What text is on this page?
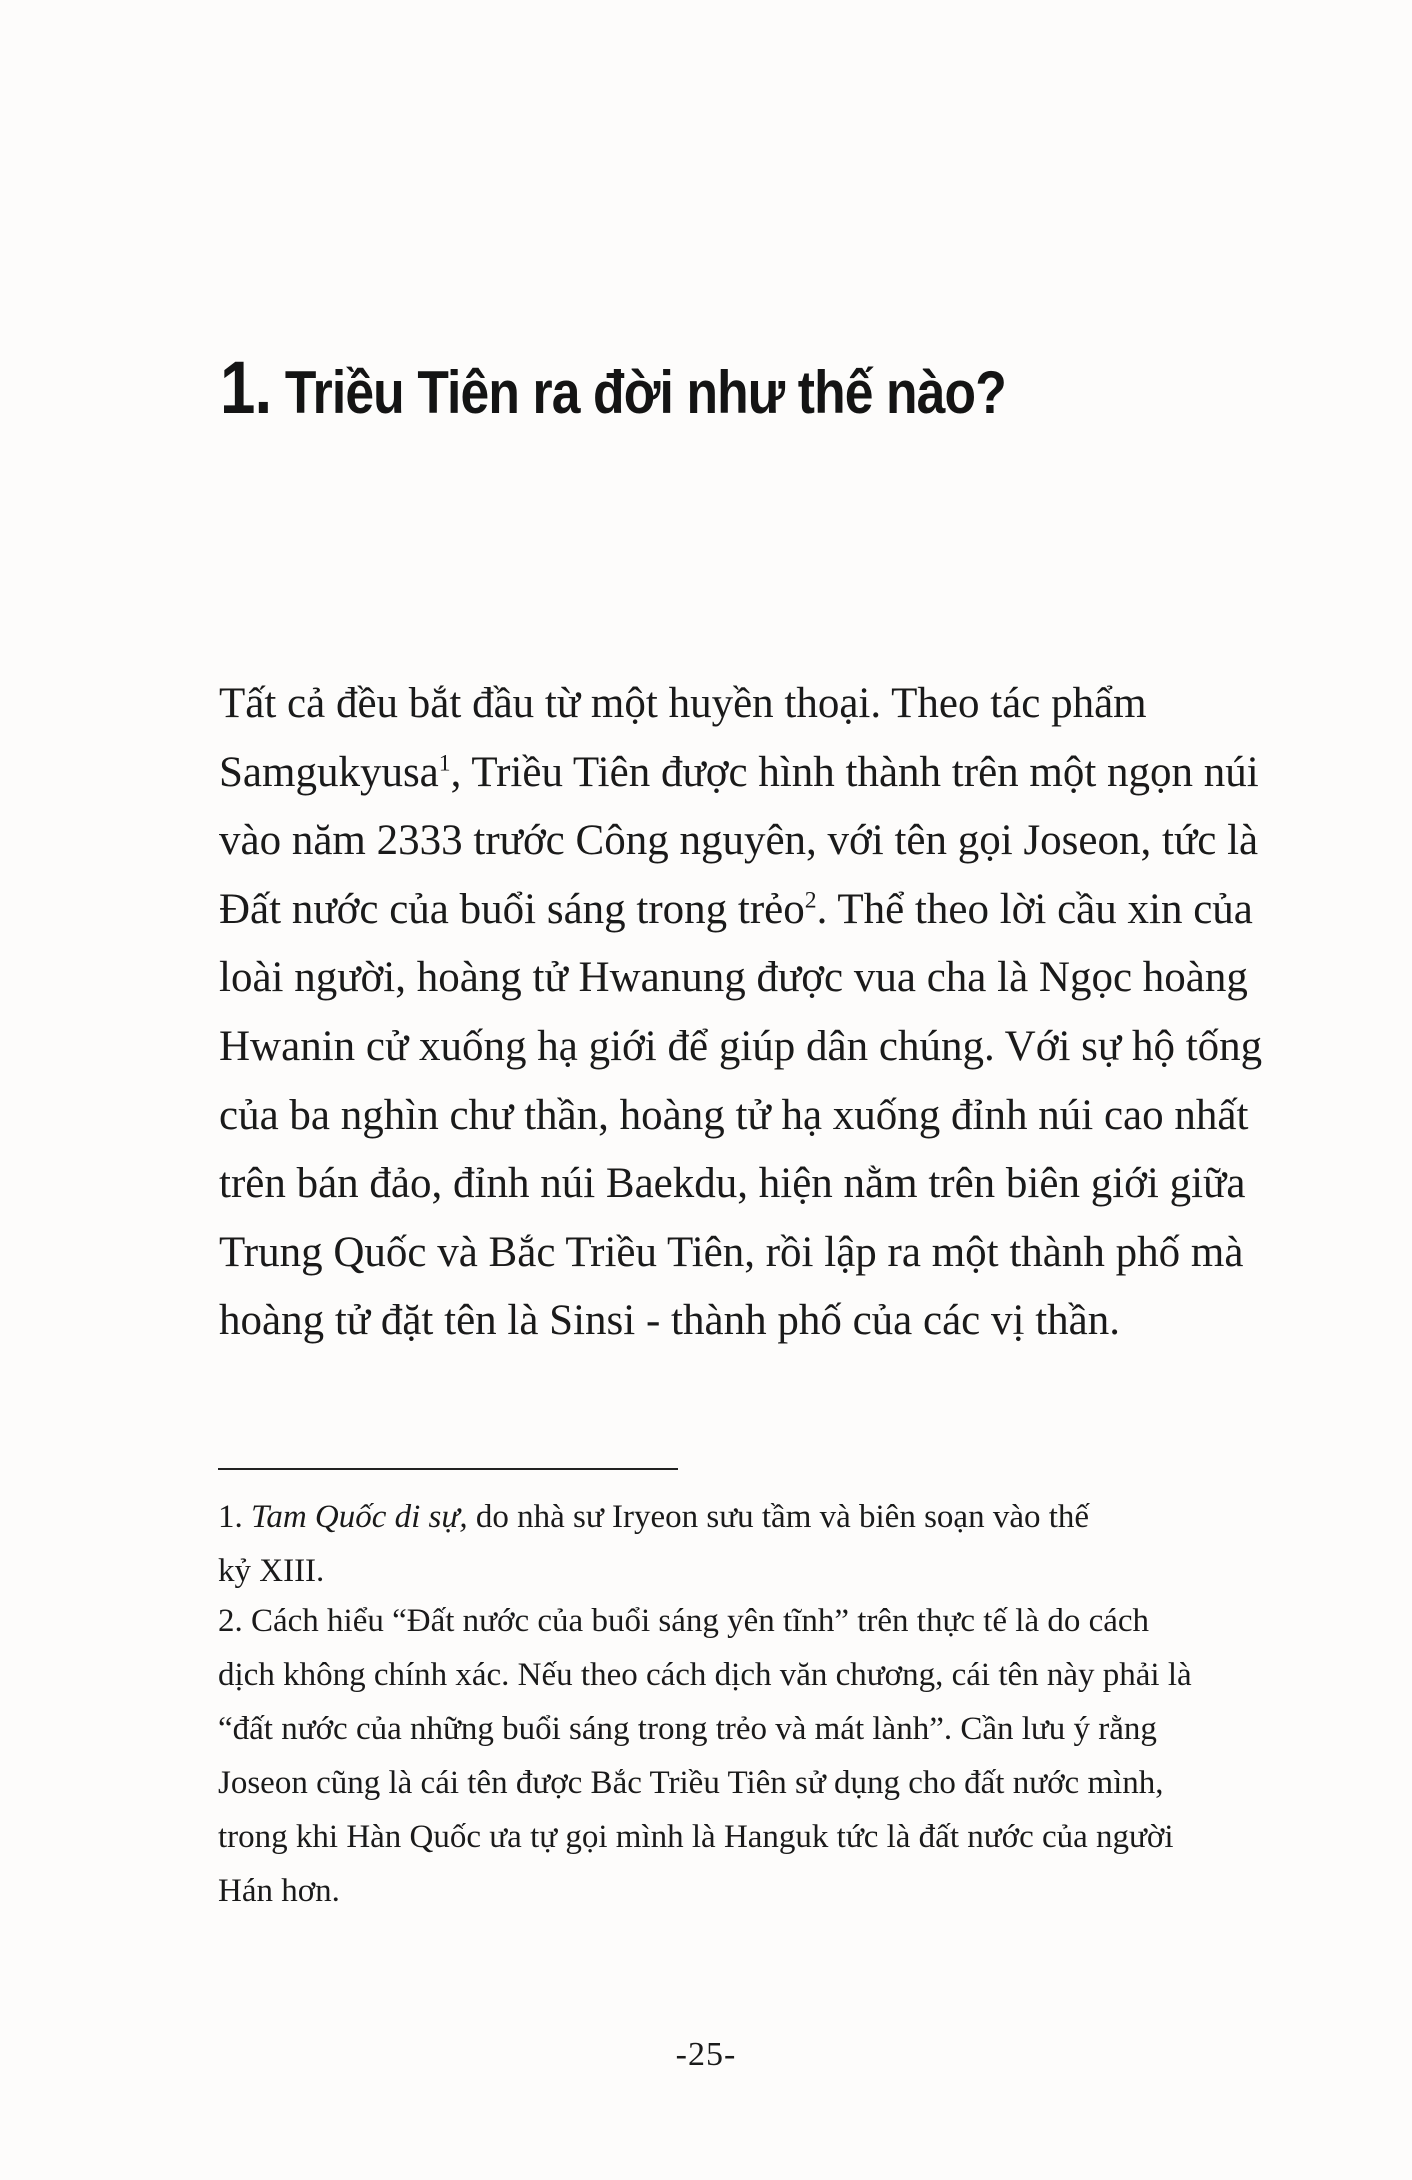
1. Triều Tiên ra đời như thế nào?

Tất cả đều bắt đầu từ một huyền thoại. Theo tác phẩm
Samgukyusa$^1$, Triều Tiên được hình thành trên một ngọn núi
vào năm 2333 trước Công nguyên, với tên gọi Joseon, tức là
Đất nước của buổi sáng trong trẻo$^2$. Thể theo lời cầu xin của
loài người, hoàng tử Hwanung được vua cha là Ngọc hoàng
Hwanin cử xuống hạ giới để giúp dân chúng. Với sự hộ tống
của ba nghìn chư thần, hoàng tử hạ xuống đỉnh núi cao nhất
trên bán đảo, đỉnh núi Baekdu, hiện nằm trên biên giới giữa
Trung Quốc và Bắc Triều Tiên, rồi lập ra một thành phố mà
hoàng tử đặt tên là Sinsi - thành phố của các vị thần.

1. Tam Quốc di sự, do nhà sư Iryeon sưu tầm và biên soạn vào thế
kỷ XIII.

2. Cách hiểu “Đất nước của buổi sáng yên tĩnh” trên thực tế là do cách
dịch không chính xác. Nếu theo cách dịch văn chương, cái tên này phải là
“đất nước của những buổi sáng trong trẻo và mát lành”. Cần lưu ý rằng
Joseon cũng là cái tên được Bắc Triều Tiên sử dụng cho đất nước mình,
trong khi Hàn Quốc ưa tự gọi mình là Hanguk tức là đất nước của người
Hán hơn.

-25-
